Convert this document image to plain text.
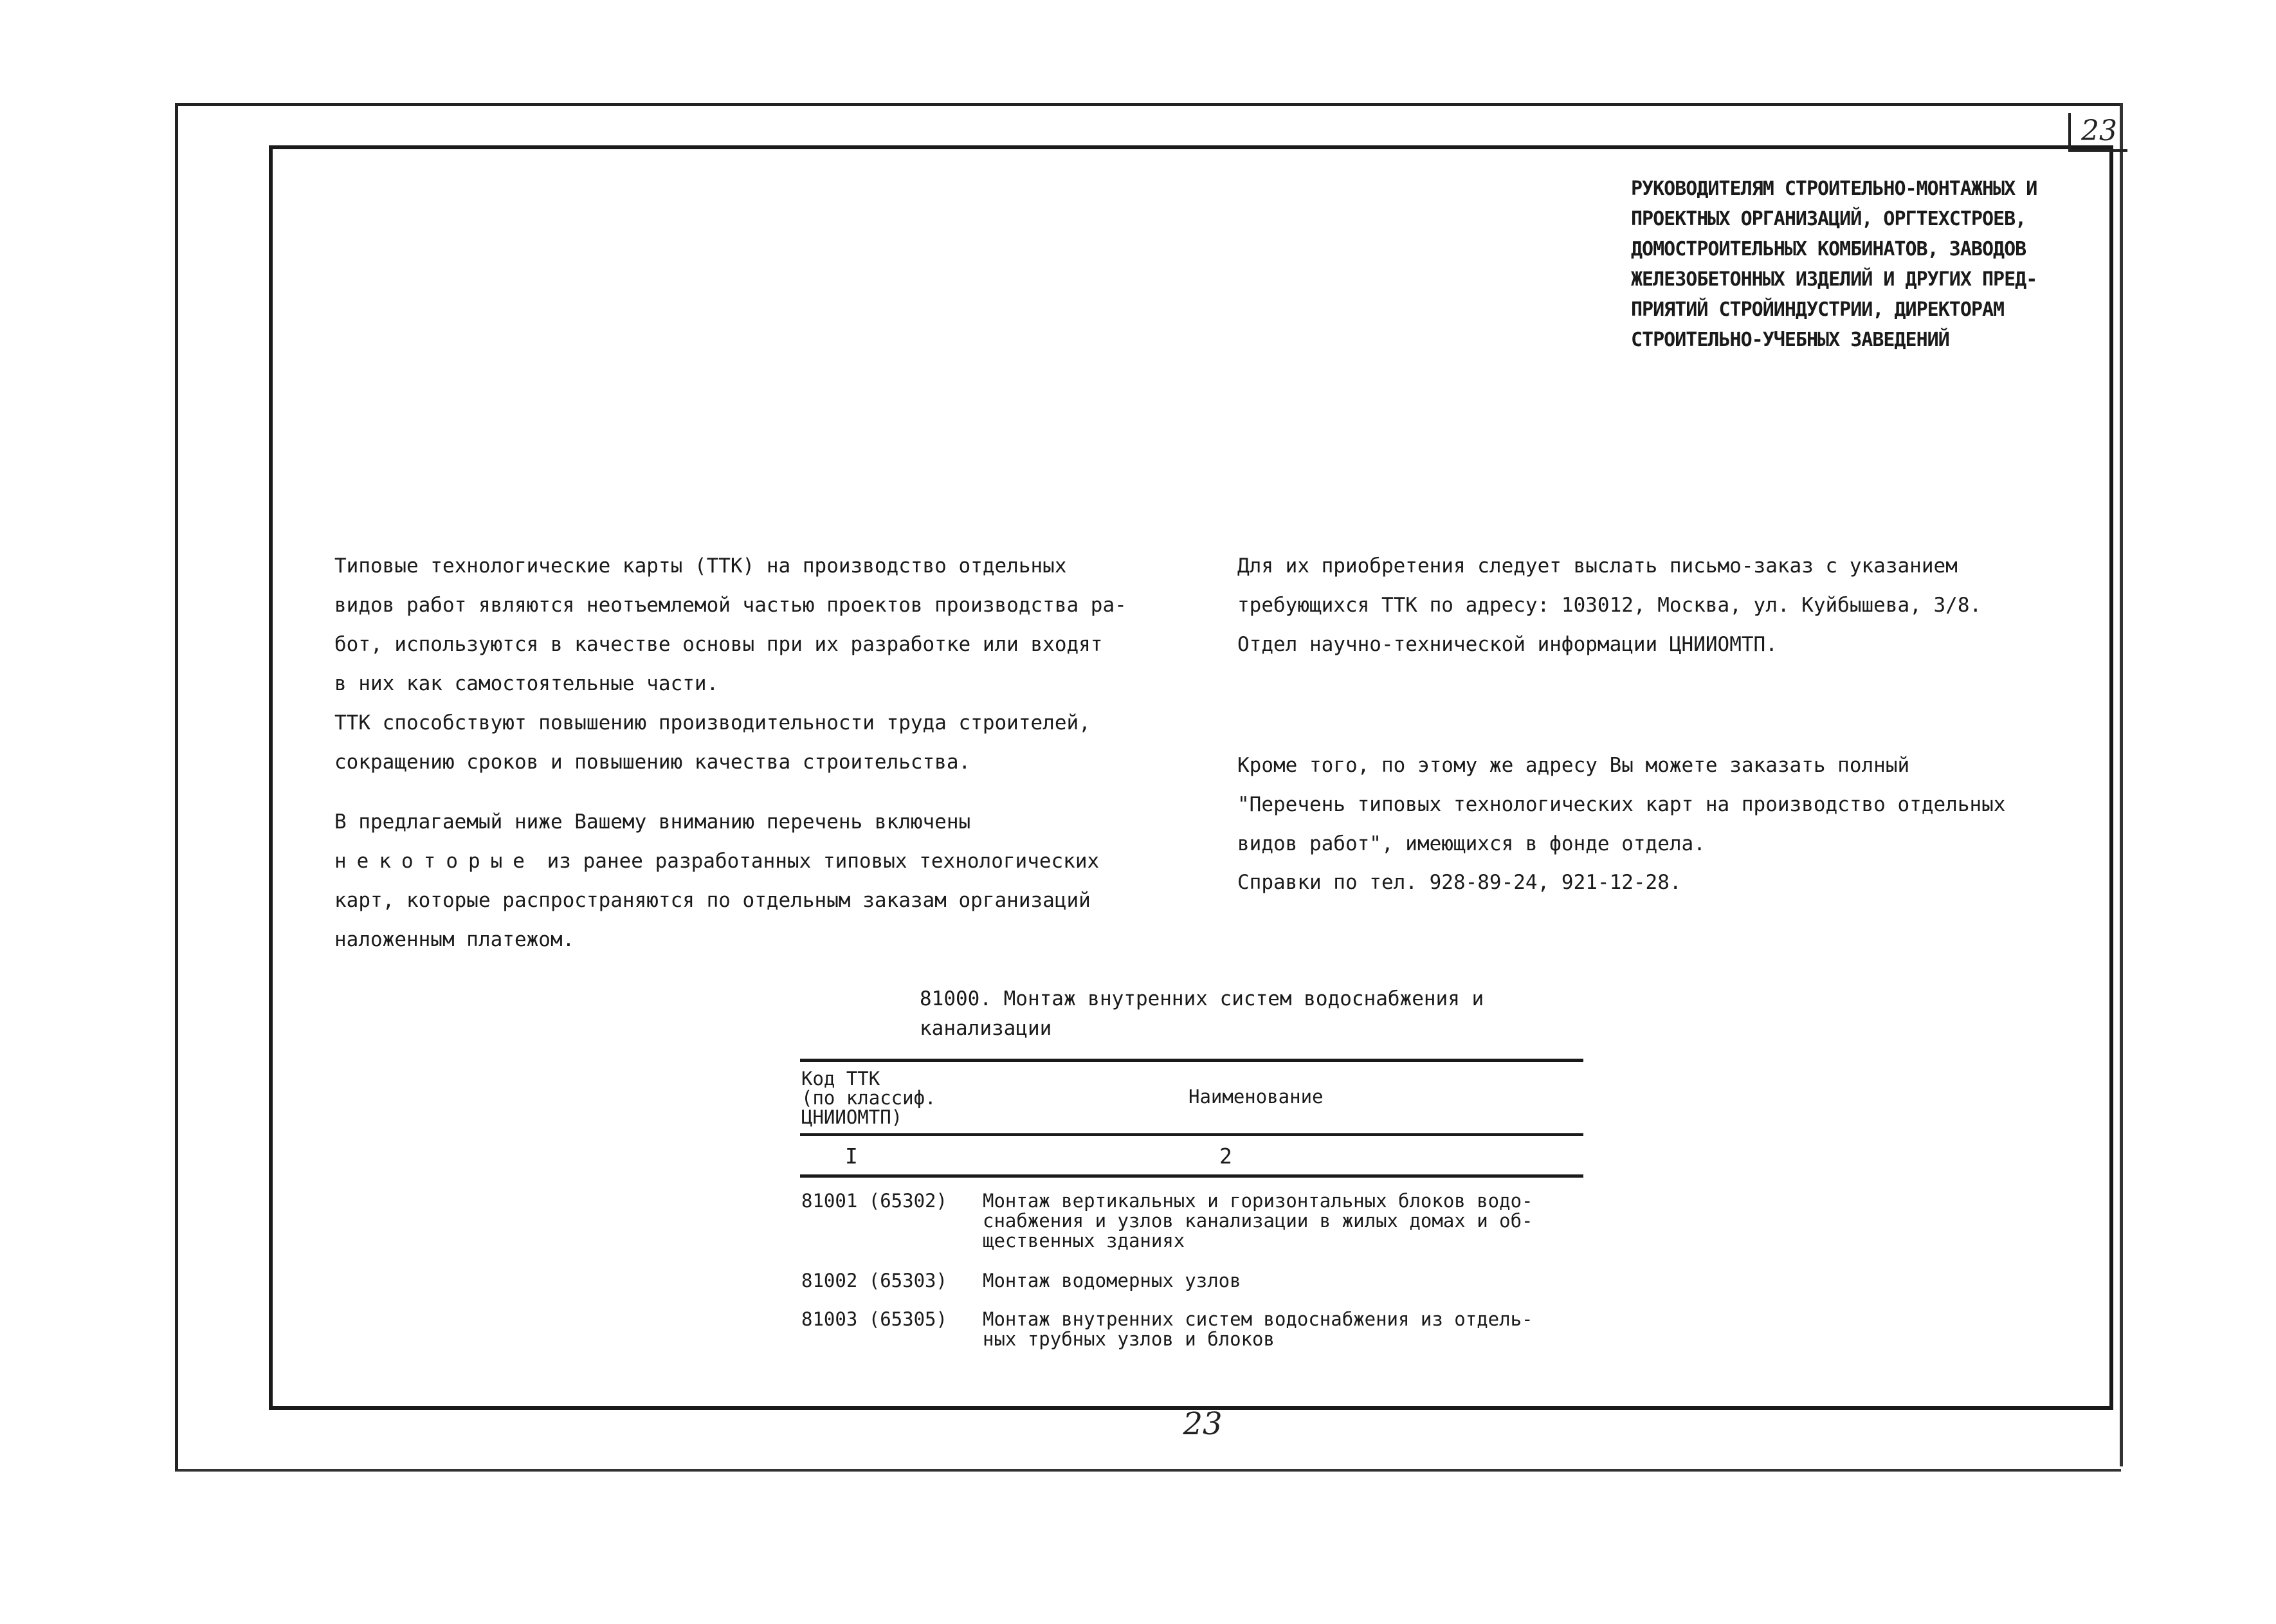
23
РУКОВОДИТЕЛЯМ СТРОИТЕЛЬНО-МОНТАЖНЫХ И
ПРОЕКТНЫХ ОРГАНИЗАЦИЙ, ОРГТЕХСТРОЕВ,
ДОМОСТРОИТЕЛЬНЫХ КОМБИНАТОВ, ЗАВОДОВ
ЖЕЛЕЗОБЕТОННЫХ ИЗДЕЛИЙ И ДРУГИХ ПРЕД-
ПРИЯТИЙ СТРОЙИНДУСТРИИ, ДИРЕКТОРАМ
СТРОИТЕЛЬНО-УЧЕБНЫХ ЗАВЕДЕНИЙ

Типовые технологические карты (ТТК) на производство отдельных
видов работ являются неотъемлемой частью проектов производства ра-
бот, используются в качестве основы при их разработке или входят
в них как самостоятельные части.

ТТК способствуют повышению производительности труда строителей,
сокращению сроков и повышению качества строительства.

В предлагаемый ниже Вашему вниманию перечень включены

некоторые из ранее разработанных типовых технологических

карт, которые распространяются по отдельным заказам организаций
наложенным платежом.

Для их приобретения следует выслать письмо-заказ с указанием
требующихся ТТК по адресу: 103012, Москва, ул. Куйбышева, 3/8.
Отдел научно-технической информации ЦНИИОМТП.

Кроме того, по этому же адресу Вы можете заказать полный
"Перечень типовых технологических карт на производство отдельных
видов работ", имеющихся в фонде отдела.

Справки по тел. 928-89-24, 921-12-28.

81000. Монтаж внутренних систем водоснабжения и
канализации
Код ТТК
(по классиф.
ЦНИИОМТП)
Наименование
I	2
81001 (65302) Монтаж вертикальных и горизонтальных блоков водо-
снабжения и узлов канализации в жилых домах и об-
щественных зданиях
81002 (65303) Монтаж водомерных узлов
81003 (65305) Монтаж внутренних систем водоснабжения из отдель-
ных трубных узлов и блоков
23
